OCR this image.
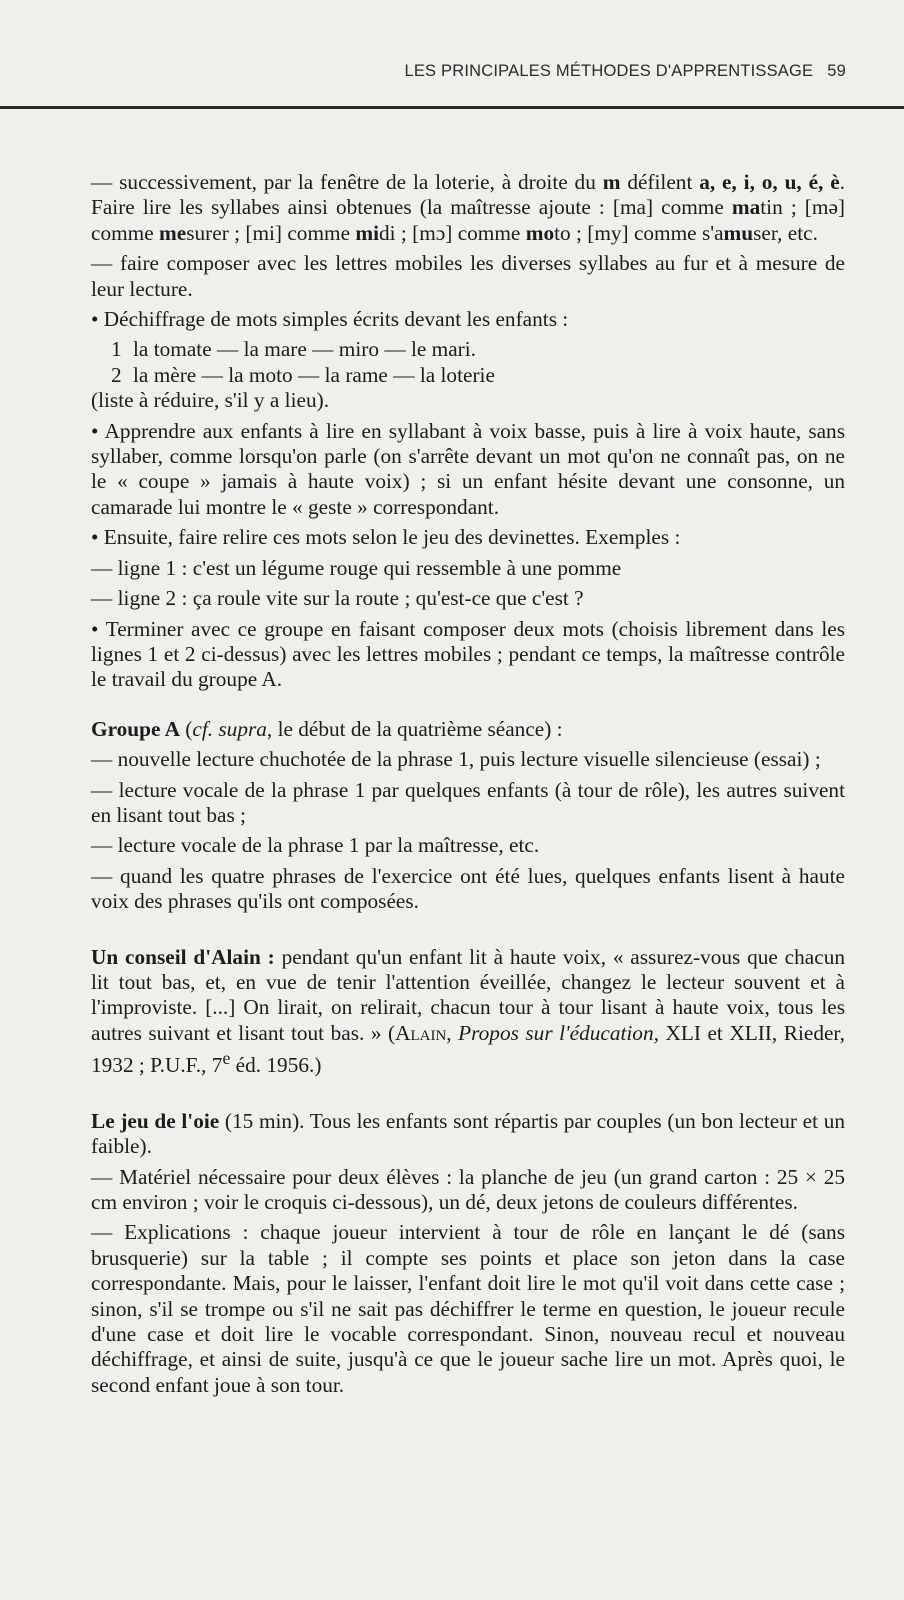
LES PRINCIPALES MÉTHODES D'APPRENTISSAGE 59

— successivement, par la fenêtre de la loterie, à droite du m défilent a, e, i, o, u, é, è. Faire lire les syllabes ainsi obtenues (la maîtresse ajoute : [ma] comme matin ; [mə] comme mesurer ; [mi] comme midi ; [mɔ] comme moto ; [my] comme s'amuser, etc.

— faire composer avec les lettres mobiles les diverses syllabes au fur et à mesure de leur lecture.

• Déchiffrage de mots simples écrits devant les enfants :

1 la tomate — la mare — miro — le mari.
2 la mère — la moto — la rame — la loterie

(liste à réduire, s'il y a lieu).

• Apprendre aux enfants à lire en syllabant à voix basse, puis à lire à voix haute, sans syllaber, comme lorsqu'on parle (on s'arrête devant un mot qu'on ne connaît pas, on ne le « coupe » jamais à haute voix) ; si un enfant hésite devant une consonne, un camarade lui montre le « geste » correspondant.

• Ensuite, faire relire ces mots selon le jeu des devinettes. Exemples :

— ligne 1 : c'est un légume rouge qui ressemble à une pomme

— ligne 2 : ça roule vite sur la route ; qu'est-ce que c'est ?

• Terminer avec ce groupe en faisant composer deux mots (choisis librement dans les lignes 1 et 2 ci-dessus) avec les lettres mobiles ; pendant ce temps, la maîtresse contrôle le travail du groupe A.

Groupe A (cf. supra, le début de la quatrième séance) :

— nouvelle lecture chuchotée de la phrase 1, puis lecture visuelle silencieuse (essai) ;

— lecture vocale de la phrase 1 par quelques enfants (à tour de rôle), les autres suivent en lisant tout bas ;

— lecture vocale de la phrase 1 par la maîtresse, etc.

— quand les quatre phrases de l'exercice ont été lues, quelques enfants lisent à haute voix des phrases qu'ils ont composées.

Un conseil d'Alain : pendant qu'un enfant lit à haute voix, « assurez-vous que chacun lit tout bas, et, en vue de tenir l'attention éveillée, changez le lecteur souvent et à l'improviste. [...] On lirait, on relirait, chacun tour à tour lisant à haute voix, tous les autres suivant et lisant tout bas. » (Alain, Propos sur l'éducation, XLI et XLII, Rieder, 1932 ; P.U.F., 7e éd. 1956.)

Le jeu de l'oie (15 min). Tous les enfants sont répartis par couples (un bon lecteur et un faible).

— Matériel nécessaire pour deux élèves : la planche de jeu (un grand carton : 25 × 25 cm environ ; voir le croquis ci-dessous), un dé, deux jetons de couleurs différentes.

— Explications : chaque joueur intervient à tour de rôle en lançant le dé (sans brusquerie) sur la table ; il compte ses points et place son jeton dans la case correspondante. Mais, pour le laisser, l'enfant doit lire le mot qu'il voit dans cette case ; sinon, s'il se trompe ou s'il ne sait pas déchiffrer le terme en question, le joueur recule d'une case et doit lire le vocable correspondant. Sinon, nouveau recul et nouveau déchiffrage, et ainsi de suite, jusqu'à ce que le joueur sache lire un mot. Après quoi, le second enfant joue à son tour.
